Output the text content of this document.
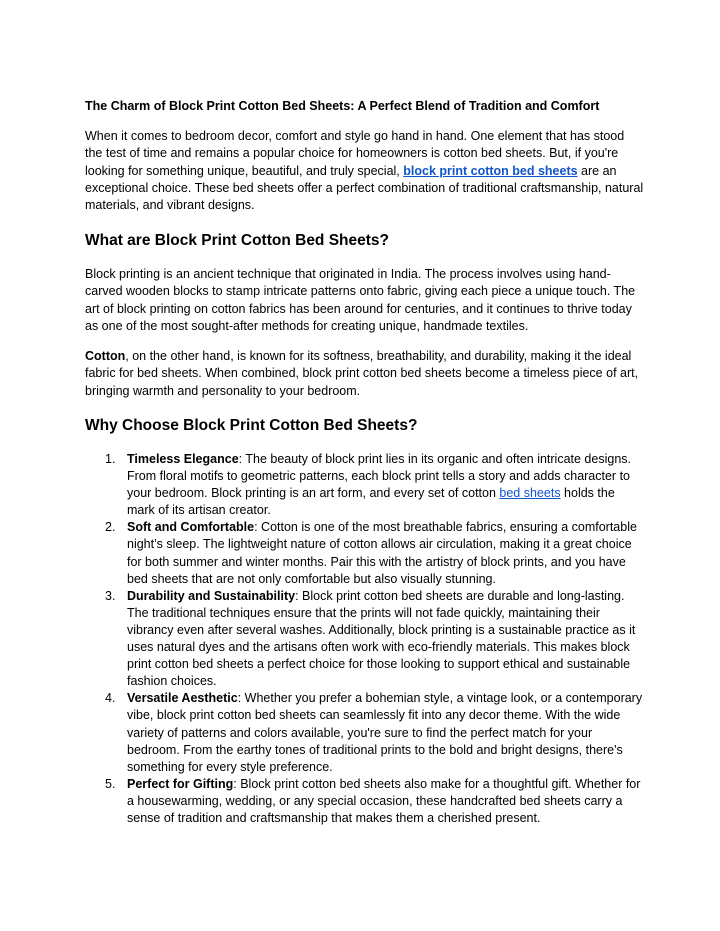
The Charm of Block Print Cotton Bed Sheets: A Perfect Blend of Tradition and Comfort

When it comes to bedroom decor, comfort and style go hand in hand. One element that has stood the test of time and remains a popular choice for homeowners is cotton bed sheets. But, if you're looking for something unique, beautiful, and truly special, block print cotton bed sheets are an exceptional choice. These bed sheets offer a perfect combination of traditional craftsmanship, natural materials, and vibrant designs.

What are Block Print Cotton Bed Sheets?

Block printing is an ancient technique that originated in India. The process involves using hand-carved wooden blocks to stamp intricate patterns onto fabric, giving each piece a unique touch. The art of block printing on cotton fabrics has been around for centuries, and it continues to thrive today as one of the most sought-after methods for creating unique, handmade textiles.

Cotton, on the other hand, is known for its softness, breathability, and durability, making it the ideal fabric for bed sheets. When combined, block print cotton bed sheets become a timeless piece of art, bringing warmth and personality to your bedroom.

Why Choose Block Print Cotton Bed Sheets?
1. Timeless Elegance: The beauty of block print lies in its organic and often intricate designs. From floral motifs to geometric patterns, each block print tells a story and adds character to your bedroom. Block printing is an art form, and every set of cotton bed sheets holds the mark of its artisan creator.
2. Soft and Comfortable: Cotton is one of the most breathable fabrics, ensuring a comfortable night’s sleep. The lightweight nature of cotton allows air circulation, making it a great choice for both summer and winter months. Pair this with the artistry of block prints, and you have bed sheets that are not only comfortable but also visually stunning.
3. Durability and Sustainability: Block print cotton bed sheets are durable and long-lasting. The traditional techniques ensure that the prints will not fade quickly, maintaining their vibrancy even after several washes. Additionally, block printing is a sustainable practice as it uses natural dyes and the artisans often work with eco-friendly materials. This makes block print cotton bed sheets a perfect choice for those looking to support ethical and sustainable fashion choices.
4. Versatile Aesthetic: Whether you prefer a bohemian style, a vintage look, or a contemporary vibe, block print cotton bed sheets can seamlessly fit into any decor theme. With the wide variety of patterns and colors available, you're sure to find the perfect match for your bedroom. From the earthy tones of traditional prints to the bold and bright designs, there's something for every style preference.
5. Perfect for Gifting: Block print cotton bed sheets also make for a thoughtful gift. Whether for a housewarming, wedding, or any special occasion, these handcrafted bed sheets carry a sense of tradition and craftsmanship that makes them a cherished present.
